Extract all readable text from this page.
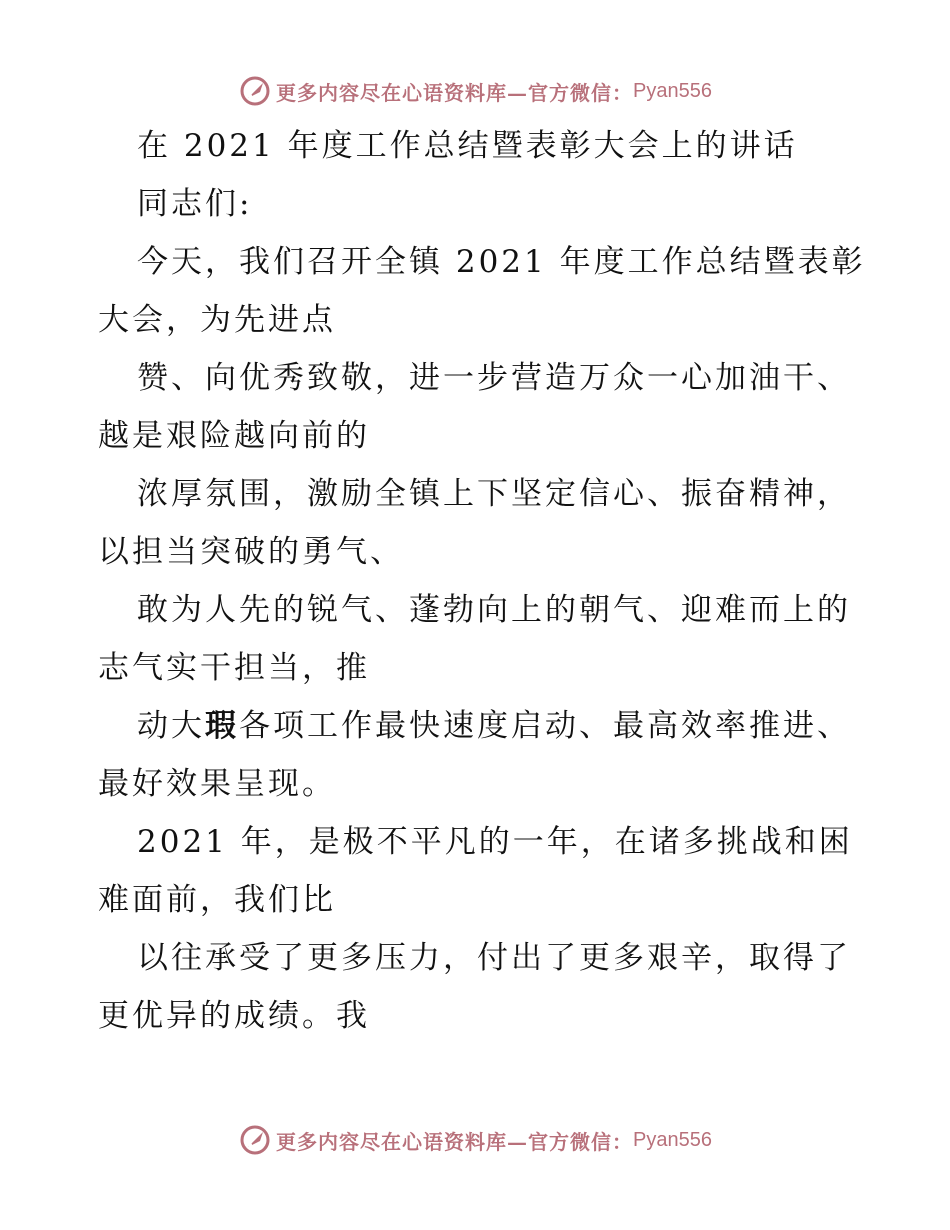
更多内容尽在心语资料库—官方微信： Pyan556
在 2021 年度工作总结暨表彰大会上的讲话
同志们:
今天，我们召开全镇 2021 年度工作总结暨表彰
大会，为先进点
赞、向优秀致敬，进一步营造万众一心加油干、
越是艰险越向前的
浓厚氛围，激励全镇上下坚定信心、振奋精神，
以担当突破的勇气、
敢为人先的锐气、蓬勃向上的朝气、迎难而上的
志气实干担当，推
动大瑕各项工作最快速度启动、最高效率推进、
最好效果呈现。
2021 年，是极不平凡的一年，在诸多挑战和困
难面前，我们比
以往承受了更多压力，付出了更多艰辛，取得了
更优异的成绩。我
更多内容尽在心语资料库—官方微信： Pyan556
